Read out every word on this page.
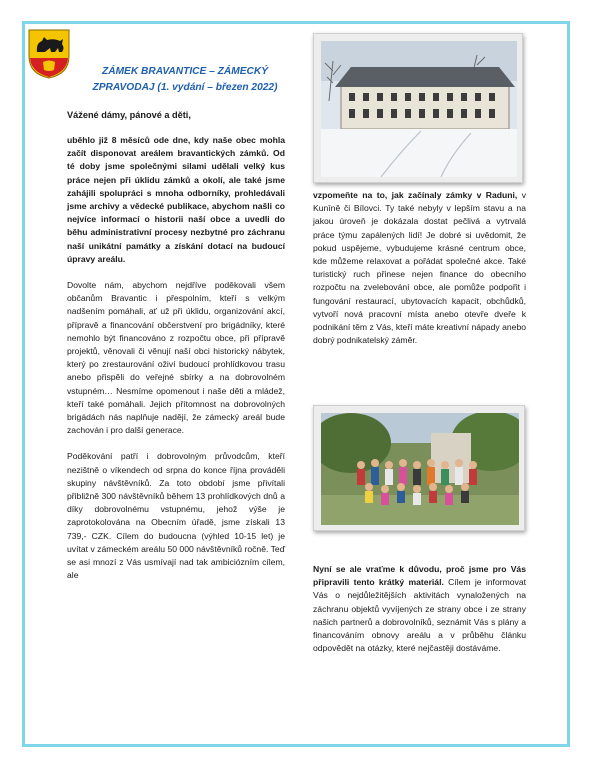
ZÁMEK BRAVANTICE – ZÁMECKÝ
ZPRAVODAJ (1. vydání – březen 2022)
Vážené dámy, pánové a děti,

uběhlo již 8 měsíců ode dne, kdy naše obec mohla začít disponovat areálem bravantických zámků. Od té doby jsme společnými silami udělali velký kus práce nejen při úklidu zámků a okolí, ale také jsme zahájili spolupráci s mnoha odborníky, prohledávali jsme archivy a vědecké publikace, abychom našli co nejvíce informací o historii naší obce a uvedli do běhu administrativní procesy nezbytné pro záchranu naší unikátní památky a získání dotací na budoucí úpravy areálu.

Dovolte nám, abychom nejdříve poděkovali všem občanům Bravantic i přespolním, kteří s velkým nadšením pomáhali, ať už při úklidu, organizování akcí, přípravě a financování občerstvení pro brigádníky, které nemohlo být financováno z rozpočtu obce, při přípravě projektů, věnovali či věnují naší obci historický nábytek, který po zrestaurování oživí budoucí prohlídkovou trasu anebo přispěli do veřejné sbírky a na dobrovolném vstupném… Nesmíme opomenout i naše děti a mládež, kteří také pomáhali. Jejich přítomnost na dobrovolných brigádách nás naplňuje nadějí, že zámecký areál bude zachován i pro další generace.

Poděkování patří i dobrovolným průvodcům, kteří nezištně o víkendech od srpna do konce října prováděli skupiny návštěvníků. Za toto období jsme přivítali přibližně 300 návštěvníků během 13 prohlídkových dnů a díky dobrovolnému vstupnému, jehož výše je zaprotokolována na Obecním úřadě, jsme získali 13 739,- CZK. Cílem do budoucna (výhled 10-15 let) je uvítat v zámeckém areálu 50 000 návštěvníků ročně. Teď se asi mnozí z Vás usmívají nad tak ambiciózním cílem, ale

vzpomeňte na to, jak začínaly zámky v Raduni, v Kunīně či Bílovci. Ty také nebyly v lepším stavu a na jakou úroveň je dokázala dostat pečlivá a vytrvalá práce týmu zapálených lidí! Je dobré si uvědomit, že pokud uspějeme, vybudujeme krásné centrum obce, kde můžeme relaxovat a pořádat společné akce. Také turistický ruch přinese nejen finance do obecního rozpočtu na zvelebování obce, ale pomůže podpořit i fungování restaurací, ubytovacích kapacit, obchůdků, vytvoří nová pracovní místa anebo otevře dveře k podnikání těm z Vás, kteří máte kreativní nápady anebo dobrý podnikatelský záměr.

Nyní se ale vraťme k důvodu, proč jsme pro Vás připravili tento krátký materiál. Cílem je informovat Vás o nejdůležitějších aktivitách vynaložených na záchranu objektů vyvíjených ze strany obce i ze strany našich partnerů a dobrovolníků, seznámit Vás s plány a financováním obnovy areálu a v průběhu článku odpovědět na otázky, které nejčastěji dostáváme.
